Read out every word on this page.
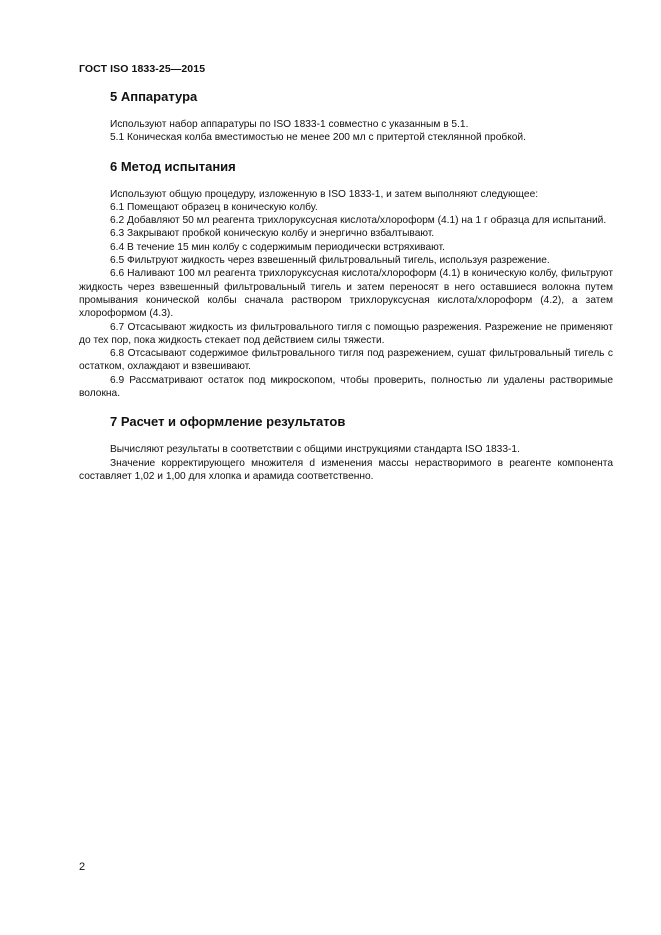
ГОСТ ISO 1833-25—2015
5 Аппаратура

Используют набор аппаратуры по ISO 1833-1 совместно с указанным в 5.1.

5.1 Коническая колба вместимостью не менее 200 мл с притертой стеклянной пробкой.

6 Метод испытания

Используют общую процедуру, изложенную в ISO 1833-1, и затем выполняют следующее:

6.1 Помещают образец в коническую колбу.

6.2 Добавляют 50 мл реагента трихлоруксусная кислота/хлороформ (4.1) на 1 г образца для испытаний.

6.3 Закрывают пробкой коническую колбу и энергично взбалтывают.

6.4 В течение 15 мин колбу с содержимым периодически встряхивают.

6.5 Фильтруют жидкость через взвешенный фильтровальный тигель, используя разрежение.

6.6 Наливают 100 мл реагента трихлоруксусная кислота/хлороформ (4.1) в коническую колбу, фильтруют жидкость через взвешенный фильтровальный тигель и затем переносят в него оставшиеся волокна путем промывания конической колбы сначала раствором трихлоруксусная кислота/хлороформ (4.2), а затем хлороформом (4.3).

6.7 Отсасывают жидкость из фильтровального тигля с помощью разрежения. Разрежение не применяют до тех пор, пока жидкость стекает под действием силы тяжести.

6.8 Отсасывают содержимое фильтровального тигля под разрежением, сушат фильтровальный тигель с остатком, охлаждают и взвешивают.

6.9 Рассматривают остаток под микроскопом, чтобы проверить, полностью ли удалены растворимые волокна.

7 Расчет и оформление результатов

Вычисляют результаты в соответствии с общими инструкциями стандарта ISO 1833-1.

Значение корректирующего множителя d изменения массы нерастворимого в реагенте компонента составляет 1,02 и 1,00 для хлопка и арамида соответственно.

2
